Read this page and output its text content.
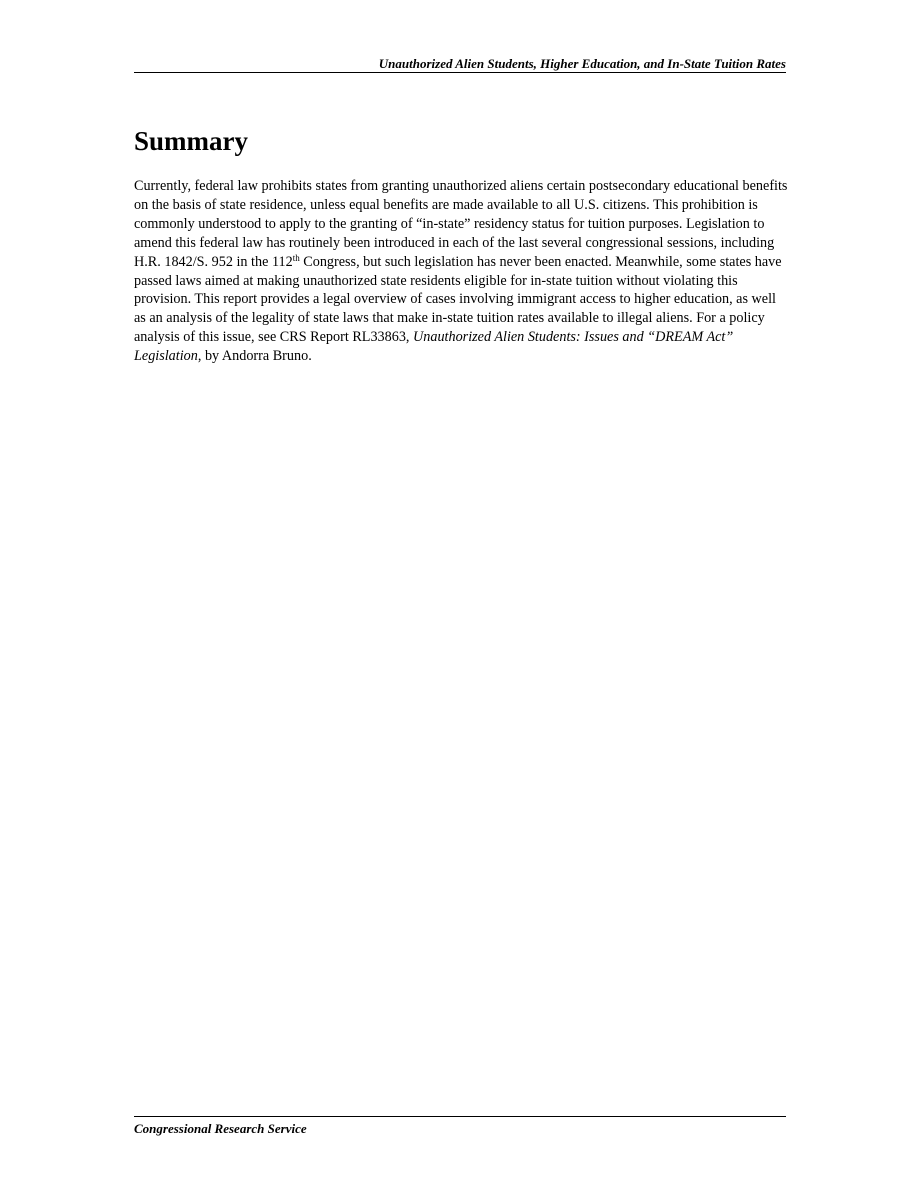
Unauthorized Alien Students, Higher Education, and In-State Tuition Rates
Summary

Currently, federal law prohibits states from granting unauthorized aliens certain postsecondary educational benefits on the basis of state residence, unless equal benefits are made available to all U.S. citizens. This prohibition is commonly understood to apply to the granting of “in-state” residency status for tuition purposes. Legislation to amend this federal law has routinely been introduced in each of the last several congressional sessions, including H.R. 1842/S. 952 in the 112th Congress, but such legislation has never been enacted. Meanwhile, some states have passed laws aimed at making unauthorized state residents eligible for in-state tuition without violating this provision. This report provides a legal overview of cases involving immigrant access to higher education, as well as an analysis of the legality of state laws that make in-state tuition rates available to illegal aliens. For a policy analysis of this issue, see CRS Report RL33863, Unauthorized Alien Students: Issues and “DREAM Act” Legislation, by Andorra Bruno.

Congressional Research Service
